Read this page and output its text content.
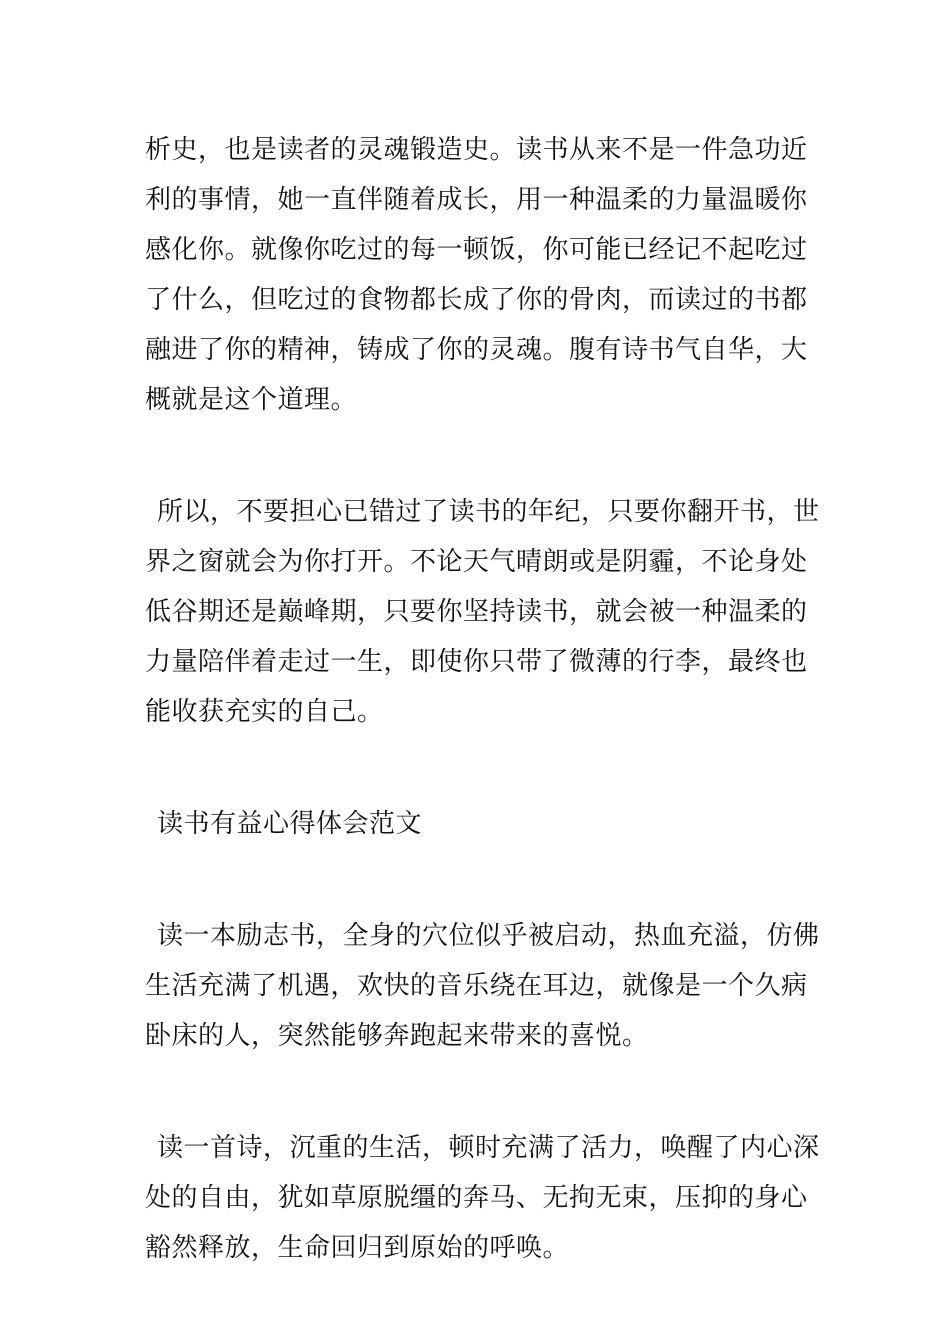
析史，也是读者的灵魂锻造史。读书从来不是一件急功近
利的事情，她一直伴随着成长，用一种温柔的力量温暖你
感化你。就像你吃过的每一顿饭，你可能已经记不起吃过
了什么，但吃过的食物都长成了你的骨肉，而读过的书都
融进了你的精神，铸成了你的灵魂。腹有诗书气自华，大
概就是这个道理。
所以，不要担心已错过了读书的年纪，只要你翻开书，世
界之窗就会为你打开。不论天气晴朗或是阴霾，不论身处
低谷期还是巅峰期，只要你坚持读书，就会被一种温柔的
力量陪伴着走过一生，即使你只带了微薄的行李，最终也
能收获充实的自己。
读书有益心得体会范文
读一本励志书，全身的穴位似乎被启动，热血充溢，仿佛
生活充满了机遇，欢快的音乐绕在耳边，就像是一个久病
卧床的人，突然能够奔跑起来带来的喜悦。
读一首诗，沉重的生活，顿时充满了活力，唤醒了内心深
处的自由，犹如草原脱缰的奔马、无拘无束，压抑的身心
豁然释放，生命回归到原始的呼唤。
